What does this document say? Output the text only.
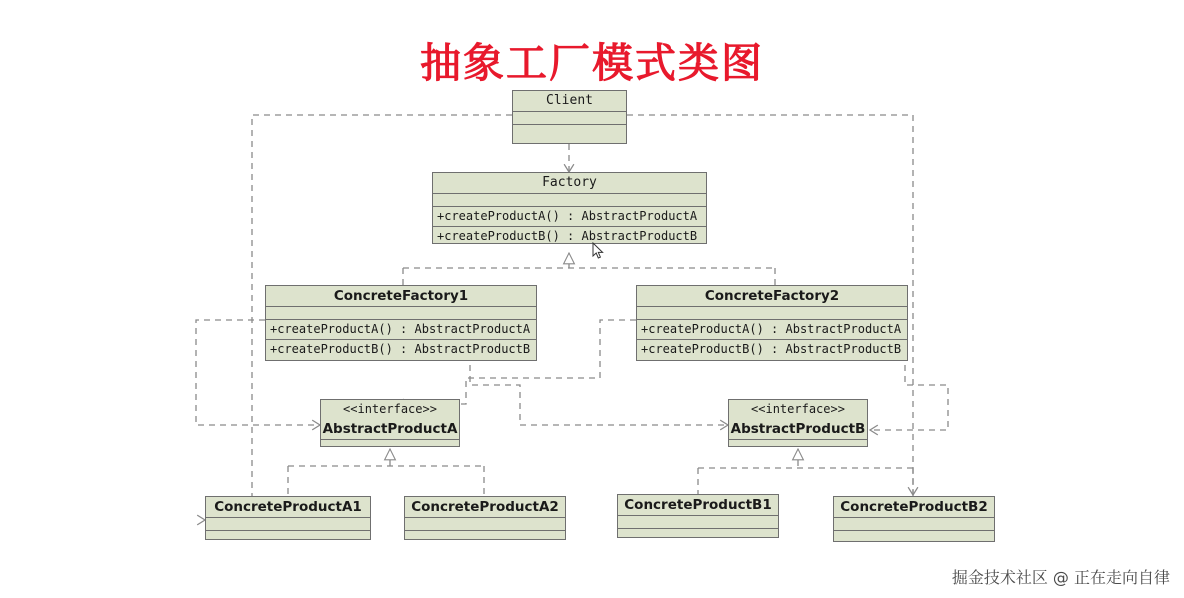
抽象工厂模式类图
Client
Factory
+createProductA() : AbstractProductA
+createProductB() : AbstractProductB
ConcreteFactory1
+createProductA() : AbstractProductA
+createProductB() : AbstractProductB
ConcreteFactory2
+createProductA() : AbstractProductA
+createProductB() : AbstractProductB
<<interface>>
AbstractProductA
<<interface>>
AbstractProductB
ConcreteProductA1	ConcreteProductA2	ConcreteProductB1	ConcreteProductB2
掘金技术社区 @ 正在走向自律
